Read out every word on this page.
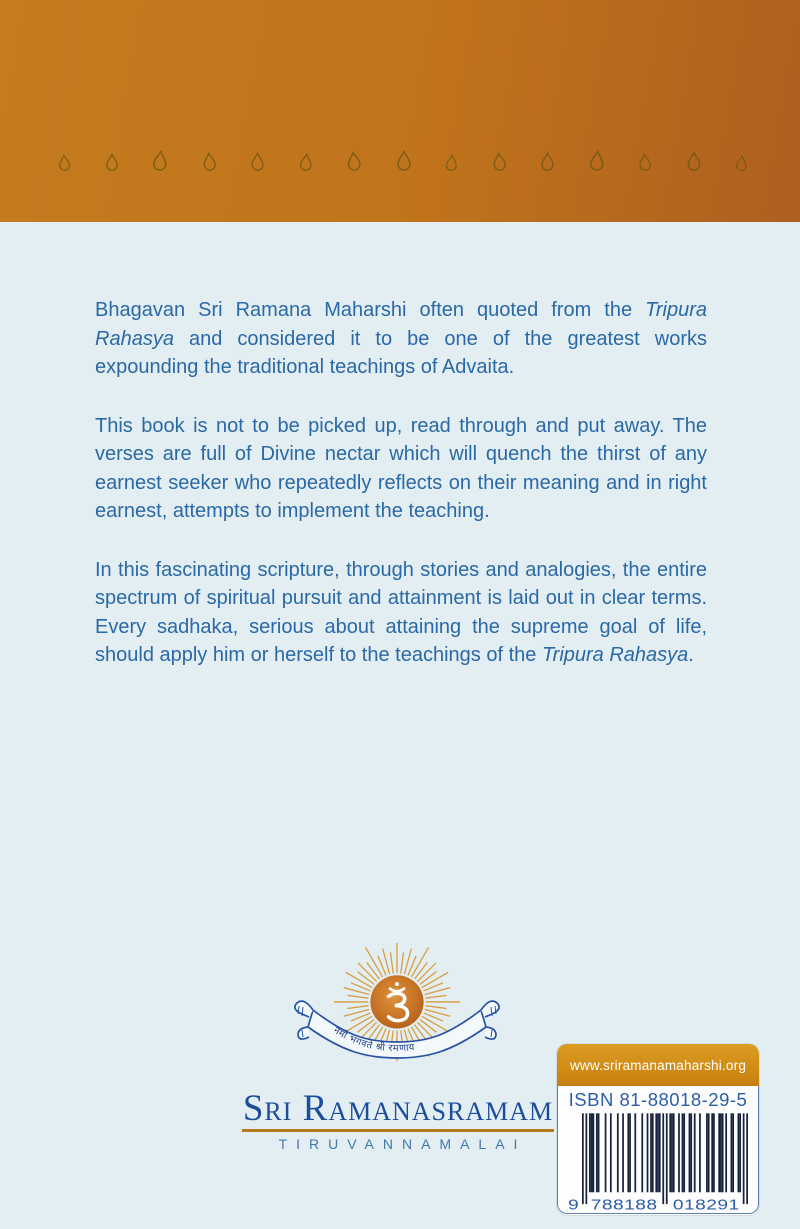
Bhagavan Sri Ramana Maharshi often quoted from the Tripura Rahasya and considered it to be one of the greatest works expounding the traditional teachings of Advaita.

This book is not to be picked up, read through and put away. The verses are full of Divine nectar which will quench the thirst of any earnest seeker who repeatedly reflects on their meaning and in right earnest, attempts to implement the teaching.

In this fascinating scripture, through stories and analogies, the entire spectrum of spiritual pursuit and attainment is laid out in clear terms. Every sadhaka, serious about attaining the supreme goal of life, should apply him or herself to the teachings of the Tripura Rahasya.

नमो भगवते श्री रमणाय
Sri Ramanasramam
TIRUVANNAMALAI
www.sriramanamaharshi.org
ISBN 81-88018-29-5
9 788188 018291
